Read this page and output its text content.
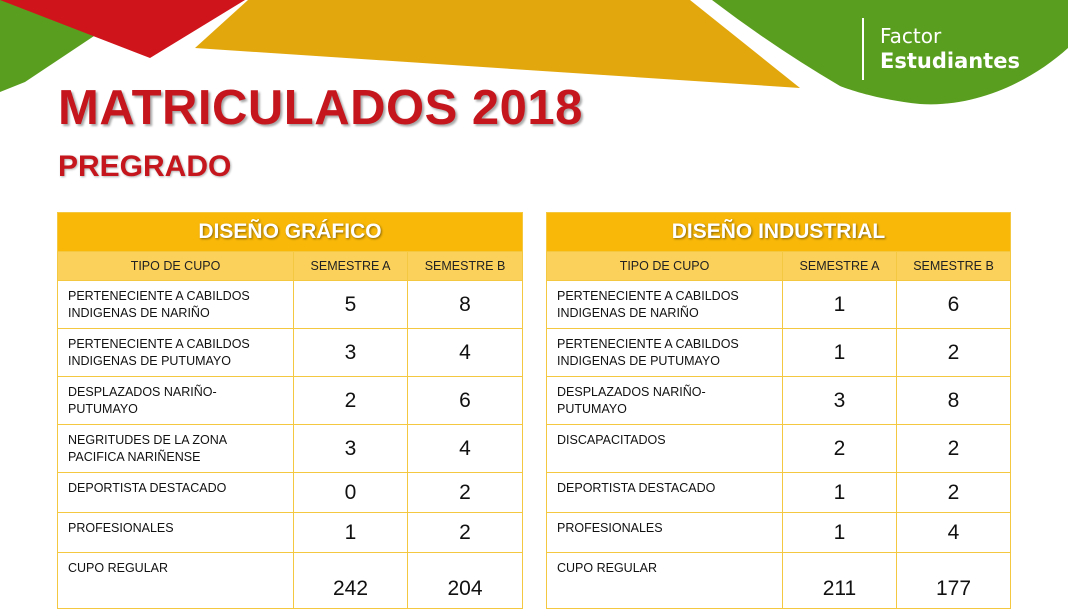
Factor
Estudiantes
MATRICULADOS 2018
PREGRADO
DISEÑO GRÁFICO		
TIPO DE CUPO	SEMESTRE A	SEMESTRE B
PERTENECIENTE A CABILDOS INDIGENAS DE NARIÑO	5	8
PERTENECIENTE A CABILDOS INDIGENAS DE PUTUMAYO	3	4
DESPLAZADOS NARIÑO-PUTUMAYO	2	6
NEGRITUDES DE LA ZONA PACIFICA NARIÑENSE	3	4
DEPORTISTA DESTACADO	0	2
PROFESIONALES	1	2
CUPO REGULAR	242	204
DISEÑO INDUSTRIAL		
TIPO DE CUPO	SEMESTRE A	SEMESTRE B
PERTENECIENTE A CABILDOS INDIGENAS DE NARIÑO	1	6
PERTENECIENTE A CABILDOS INDIGENAS DE PUTUMAYO	1	2
DESPLAZADOS NARIÑO-PUTUMAYO	3	8
DISCAPACITADOS	2	2
DEPORTISTA DESTACADO	1	2
PROFESIONALES	1	4
CUPO REGULAR	211	177
